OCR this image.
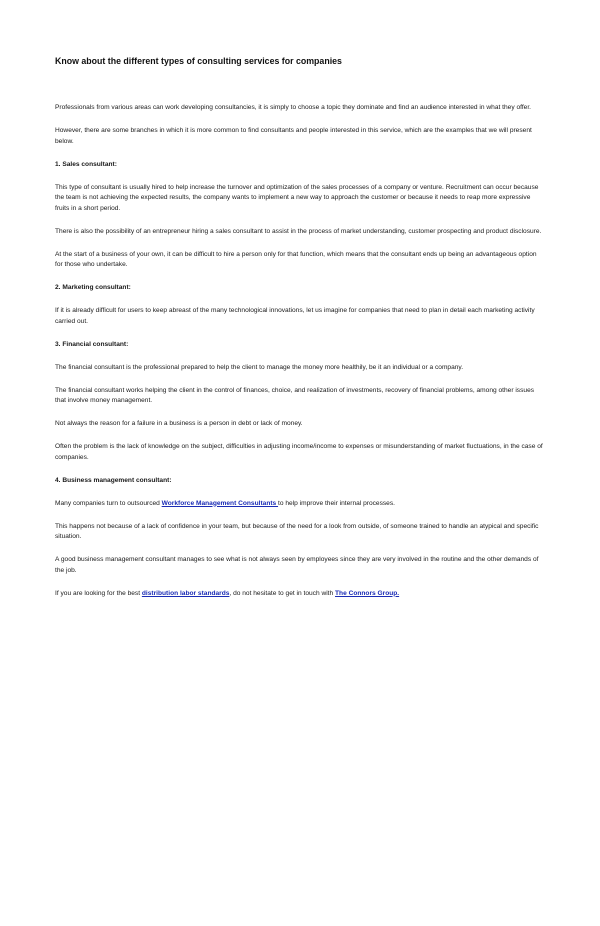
Know about the different types of consulting services for companies

Professionals from various areas can work developing consultancies, it is simply to choose a topic they dominate and find an audience interested in what they offer.

However, there are some branches in which it is more common to find consultants and people interested in this service, which are the examples that we will present below.

1. Sales consultant:

This type of consultant is usually hired to help increase the turnover and optimization of the sales processes of a company or venture. Recruitment can occur because the team is not achieving the expected results, the company wants to implement a new way to approach the customer or because it needs to reap more expressive fruits in a short period.

There is also the possibility of an entrepreneur hiring a sales consultant to assist in the process of market understanding, customer prospecting and product disclosure.

At the start of a business of your own, it can be difficult to hire a person only for that function, which means that the consultant ends up being an advantageous option for those who undertake.

2. Marketing consultant:

If it is already difficult for users to keep abreast of the many technological innovations, let us imagine for companies that need to plan in detail each marketing activity carried out.

3. Financial consultant:

The financial consultant is the professional prepared to help the client to manage the money more healthily, be it an individual or a company.

The financial consultant works helping the client in the control of finances, choice, and realization of investments, recovery of financial problems, among other issues that involve money management.

Not always the reason for a failure in a business is a person in debt or lack of money.

Often the problem is the lack of knowledge on the subject, difficulties in adjusting income/income to expenses or misunderstanding of market fluctuations, in the case of companies.

4. Business management consultant:

Many companies turn to outsourced Workforce Management Consultants to help improve their internal processes.

This happens not because of a lack of confidence in your team, but because of the need for a look from outside, of someone trained to handle an atypical and specific situation.

A good business management consultant manages to see what is not always seen by employees since they are very involved in the routine and the other demands of the job.

If you are looking for the best distribution labor standards, do not hesitate to get in touch with The Connors Group.
